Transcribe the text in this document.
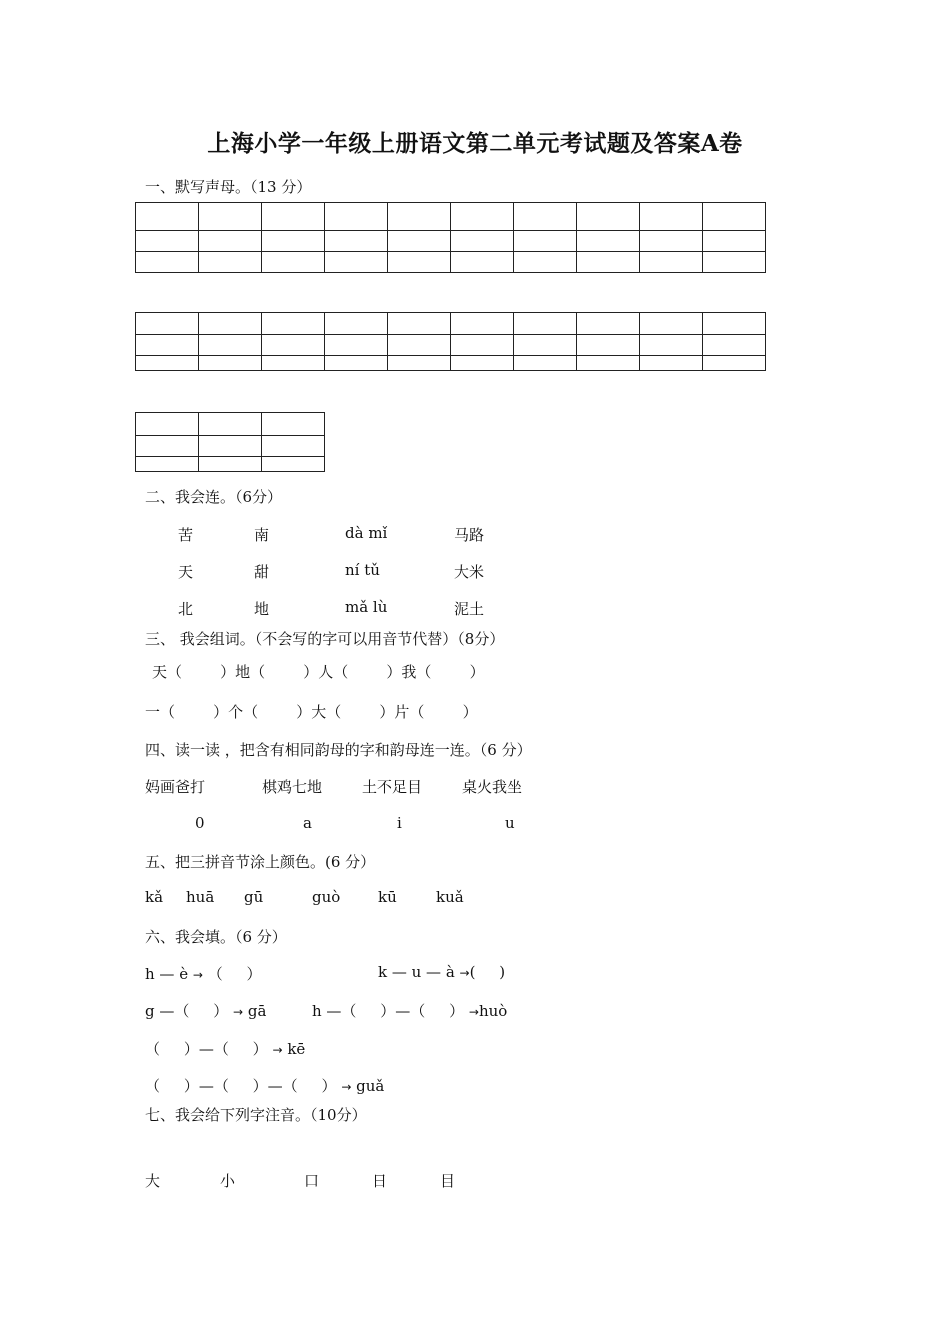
上海小学一年级上册语文第二单元考试题及答案A卷
一、默写声母。（13 分）

二、我会连。（6分）
苦	南	dà mǐ	马路
天	甜	ní tǔ	大米
北	地	mǎ lù	泥土
三、 我会组词。（不会写的字可以用音节代替）（8分）
天（        ）地（        ）人（        ）我（        ）
一（        ）个（        ）大（        ）片（        ）
四、读一读 ，把含有相同韵母的字和韵母连一连。（6 分）
妈画爸打	棋鸡七地	土不足目	桌火我坐
0	a	i	u
五、把三拼音节涂上颜色。(6 分）
kǎ huā gū	guò	kū	kuǎ
六、我会填。（6 分）
h — è → （     ）	k — u — à →(     )
g —（     ） → gā	h —（     ）—（     ） →huò
（     ）—（     ） → kē
（     ）—（     ）—（     ） → guǎ
七、我会给下列字注音。（10分）
大	小	口	日	目
